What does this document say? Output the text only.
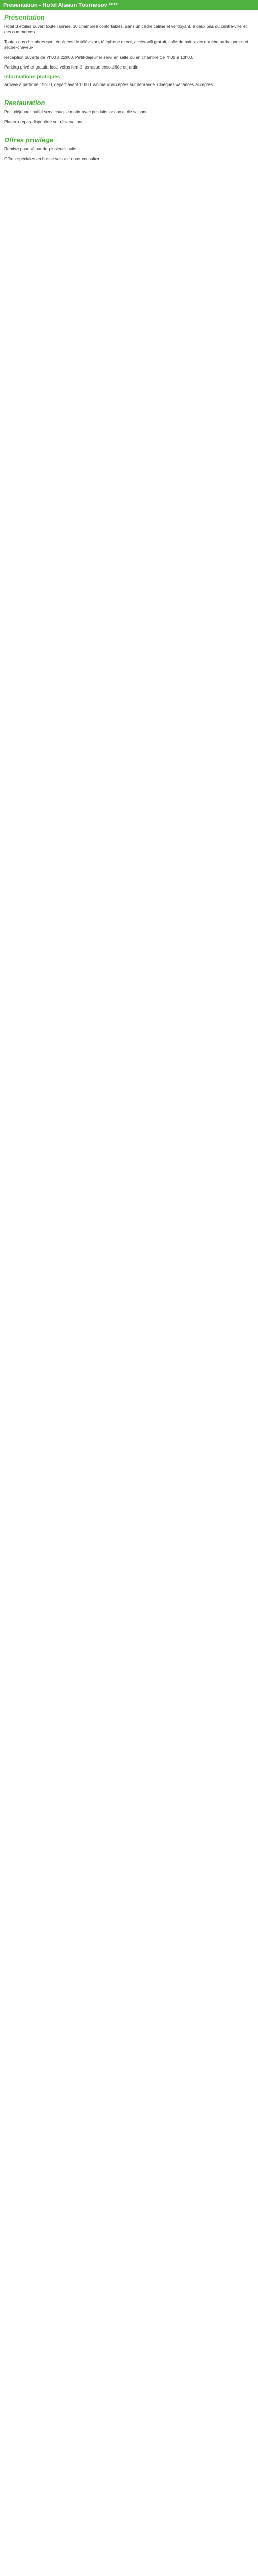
Presentation - Hotel Alsaun Tournesov ****
Présentation
Hôtel 3 étoiles ouvert toute l'année, 30 chambres confortables, dans un cadre calme et verdoyant, à deux pas du centre-ville et des commerces.
Toutes nos chambres sont équipées de télévision, téléphone direct, accès wifi gratuit, salle de bain avec douche ou baignoire et sèche-cheveux.
Réception ouverte de 7h00 à 22h00. Petit-déjeuner servi en salle ou en chambre de 7h00 à 10h00.
Parking privé et gratuit, local vélos fermé, terrasse ensoleillée et jardin.
Informations pratiques
Arrivée à partir de 15h00, départ avant 11h00. Animaux acceptés sur demande. Chèques vacances acceptés.
Restauration
Petit-déjeuner buffet servi chaque matin avec produits locaux et de saison.
Plateau-repas disponible sur réservation.
Offres privilège
Remise pour séjour de plusieurs nuits.
Offres spéciales en basse saison : nous consulter.
